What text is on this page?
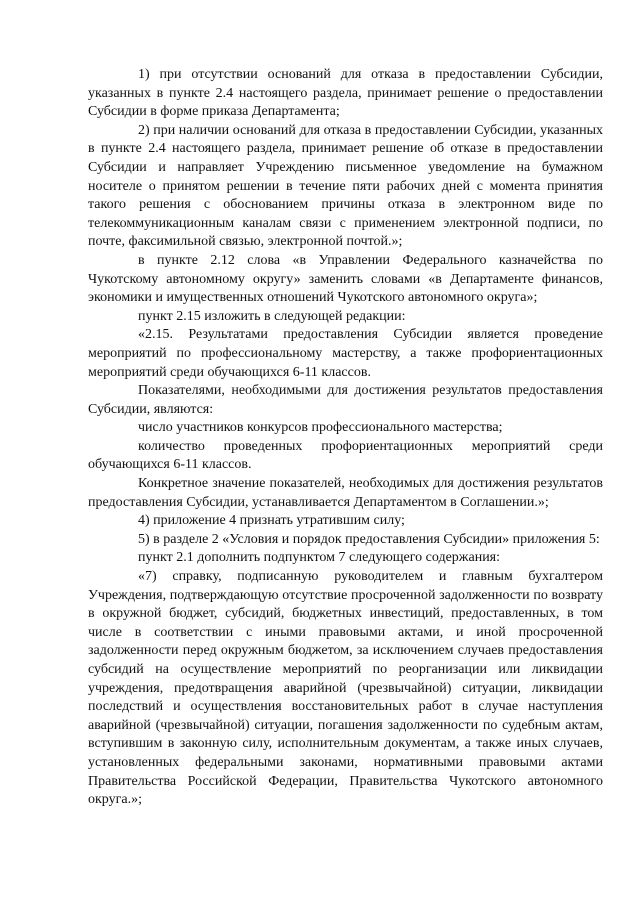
1) при отсутствии оснований для отказа в предоставлении Субсидии, указанных в пункте 2.4 настоящего раздела, принимает решение о предоставлении Субсидии в форме приказа Департамента;

2) при наличии оснований для отказа в предоставлении Субсидии, указанных в пункте 2.4 настоящего раздела, принимает решение об отказе в предоставлении Субсидии и направляет Учреждению письменное уведомление на бумажном носителе о принятом решении в течение пяти рабочих дней с момента принятия такого решения с обоснованием причины отказа в электронном виде по телекоммуникационным каналам связи с применением электронной подписи, по почте, факсимильной связью, электронной почтой.»;

в пункте 2.12 слова «в Управлении Федерального казначейства по Чукотскому автономному округу» заменить словами «в Департаменте финансов, экономики и имущественных отношений Чукотского автономного округа»;

пункт 2.15 изложить в следующей редакции:

«2.15. Результатами предоставления Субсидии является проведение мероприятий по профессиональному мастерству, а также профориентационных мероприятий среди обучающихся 6-11 классов.

Показателями, необходимыми для достижения результатов предоставления Субсидии, являются:

число участников конкурсов профессионального мастерства;

количество проведенных профориентационных мероприятий среди обучающихся 6-11 классов.

Конкретное значение показателей, необходимых для достижения результатов предоставления Субсидии, устанавливается Департаментом в Соглашении.»;

4) приложение 4 признать утратившим силу;

5) в разделе 2 «Условия и порядок предоставления Субсидии» приложения 5:

пункт 2.1 дополнить подпунктом 7 следующего содержания:

«7) справку, подписанную руководителем и главным бухгалтером Учреждения, подтверждающую отсутствие просроченной задолженности по возврату в окружной бюджет, субсидий, бюджетных инвестиций, предоставленных, в том числе в соответствии с иными правовыми актами, и иной просроченной задолженности перед окружным бюджетом, за исключением случаев предоставления субсидий на осуществление мероприятий по реорганизации или ликвидации учреждения, предотвращения аварийной (чрезвычайной) ситуации, ликвидации последствий и осуществления восстановительных работ в случае наступления аварийной (чрезвычайной) ситуации, погашения задолженности по судебным актам, вступившим в законную силу, исполнительным документам, а также иных случаев, установленных федеральными законами, нормативными правовыми актами Правительства Российской Федерации, Правительства Чукотского автономного округа.»;
